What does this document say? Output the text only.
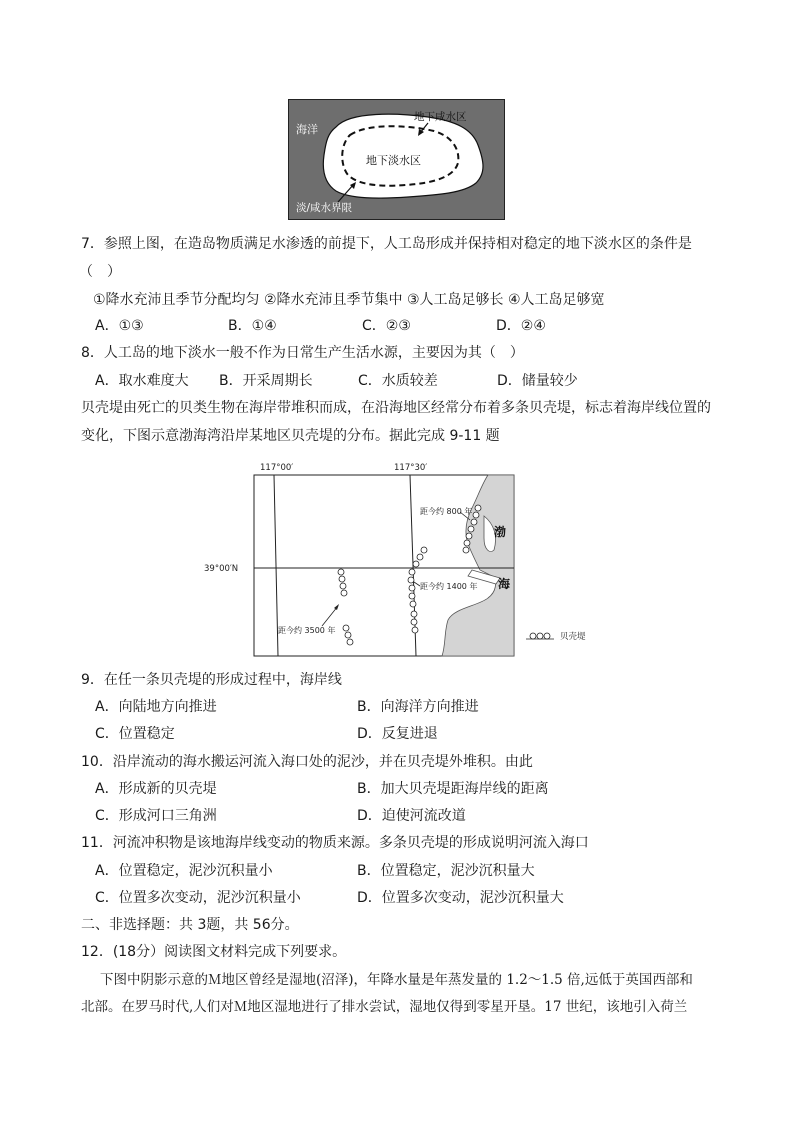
海洋
地下咸水区
地下淡水区
淡/咸水界限
7．参照上图，在造岛物质满足水渗透的前提下，人工岛形成并保持相对稳定的地下淡水区的条件是
（　）
①降水充沛且季节分配均匀 ②降水充沛且季节集中 ③人工岛足够长 ④人工岛足够宽
A．①③	B．①④	C．②③	D．②④
8．人工岛的地下淡水一般不作为日常生产生活水源，主要因为其（　）
A．取水难度大 B．开采周期长	C．水质较差	D．储量较少
贝壳堤由死亡的贝类生物在海岸带堆积而成，在沿海地区经常分布着多条贝壳堤，标志着海岸线位置的
变化，下图示意渤海湾沿岸某地区贝壳堤的分布。据此完成 9-11 题
117°00′	117°30′
39°00′N
距今约 800 年
距今约 1400 年
距今约 3500 年
渤
海
贝壳堤
9．在任一条贝壳堤的形成过程中，海岸线
A．向陆地方向推进	B．向海洋方向推进
C．位置稳定	D．反复进退
10．沿岸流动的海水搬运河流入海口处的泥沙，并在贝壳堤外堆积。由此
A．形成新的贝壳堤	B．加大贝壳堤距海岸线的距离
C．形成河口三角洲	D．迫使河流改道
11．河流冲积物是该地海岸线变动的物质来源。多条贝壳堤的形成说明河流入海口
A．位置稳定，泥沙沉积量小	B．位置稳定，泥沙沉积量大
C．位置多次变动，泥沙沉积量小	D．位置多次变动，泥沙沉积量大
二、非选择题：共 3题，共 56分。
12．(18分）阅读图文材料完成下列要求。
下图中阴影示意的Ｍ地区曾经是湿地(沼泽)，年降水量是年蒸发量的 1.2～1.5 倍,远低于英国西部和
北部。在罗马时代,人们对Ｍ地区湿地进行了排水尝试，湿地仅得到零星开垦。17 世纪，该地引入荷兰
